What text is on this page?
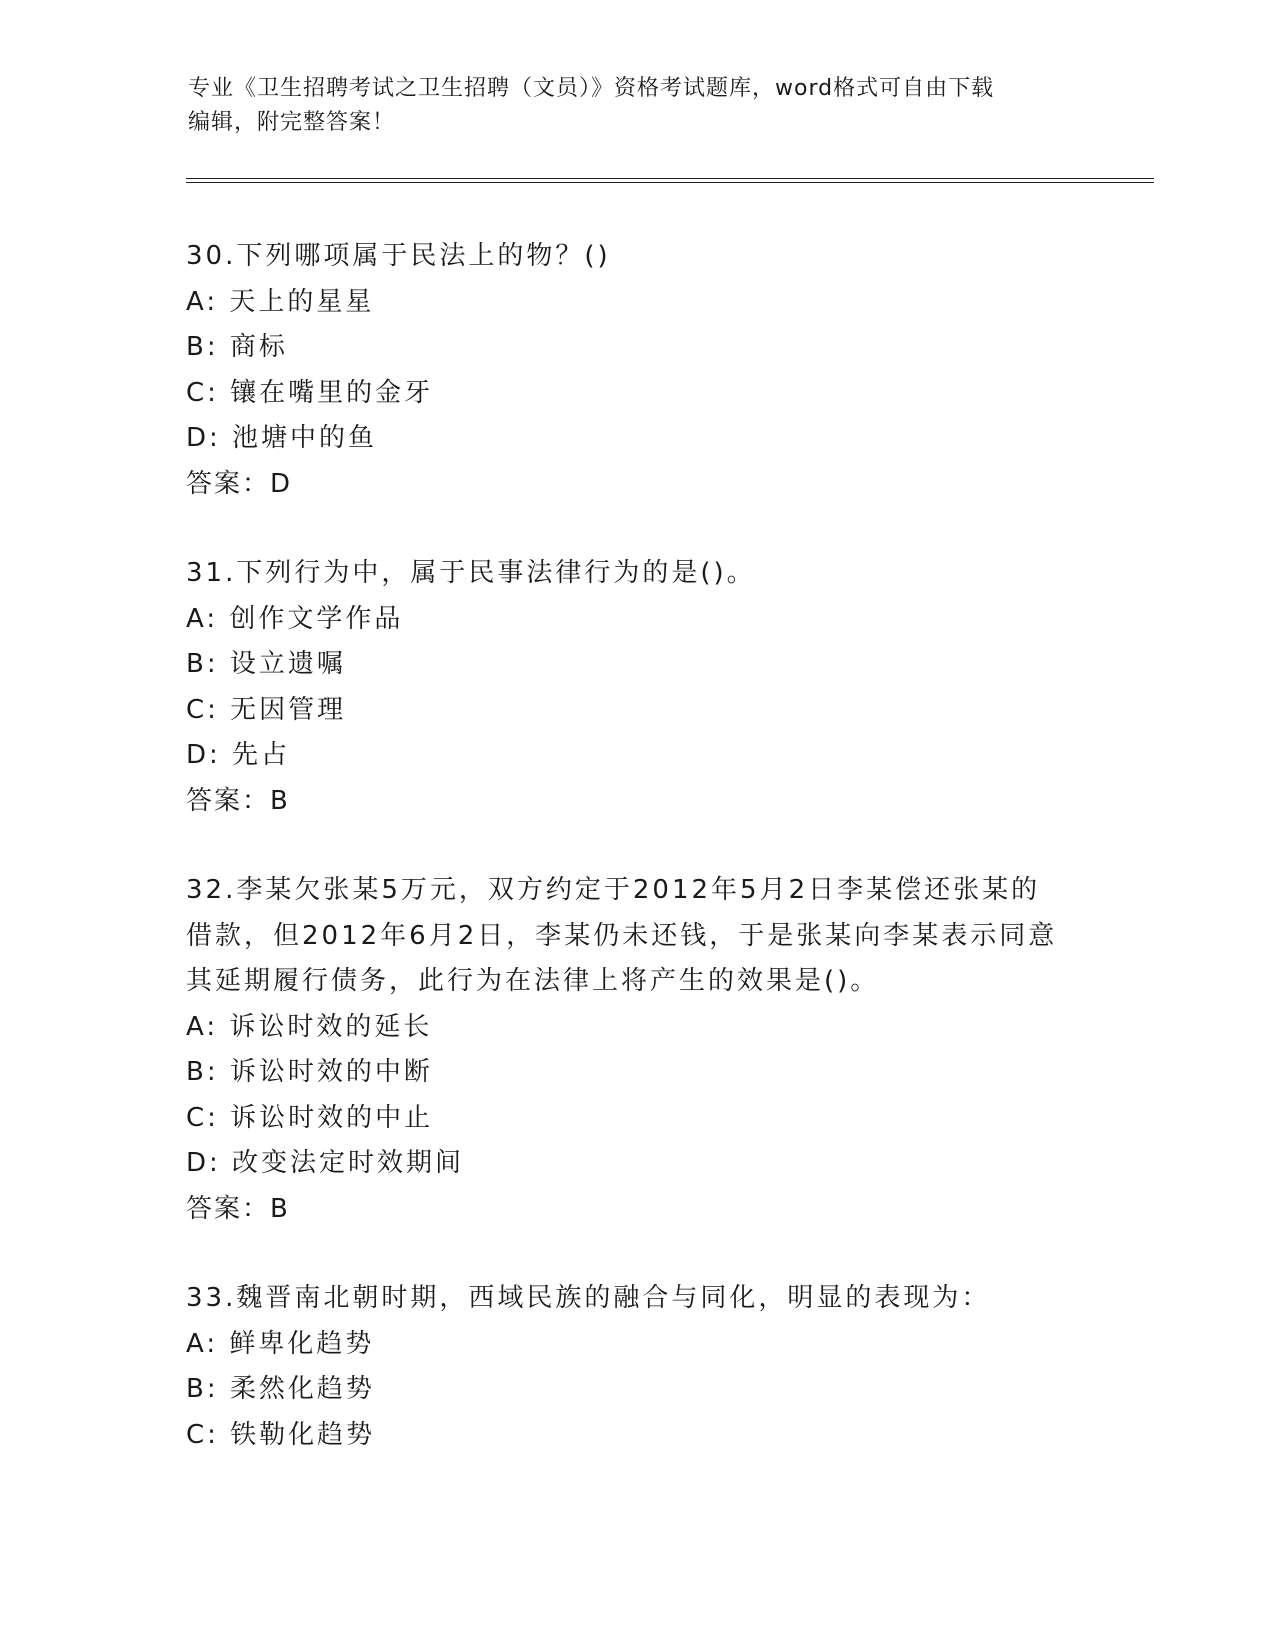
专业《卫生招聘考试之卫生招聘（文员）》资格考试题库，word格式可自由下载
编辑，附完整答案！
30.下列哪项属于民法上的物？()
A: 天上的星星
B: 商标
C: 镶在嘴里的金牙
D: 池塘中的鱼
答案：D
31.下列行为中，属于民事法律行为的是()。
A: 创作文学作品
B: 设立遗嘱
C: 无因管理
D: 先占
答案：B
32.李某欠张某5万元，双方约定于2012年5月2日李某偿还张某的
借款，但2012年6月2日，李某仍未还钱，于是张某向李某表示同意
其延期履行债务，此行为在法律上将产生的效果是()。
A: 诉讼时效的延长
B: 诉讼时效的中断
C: 诉讼时效的中止
D: 改变法定时效期间
答案：B
33.魏晋南北朝时期，西域民族的融合与同化，明显的表现为：
A: 鲜卑化趋势
B: 柔然化趋势
C: 铁勒化趋势
